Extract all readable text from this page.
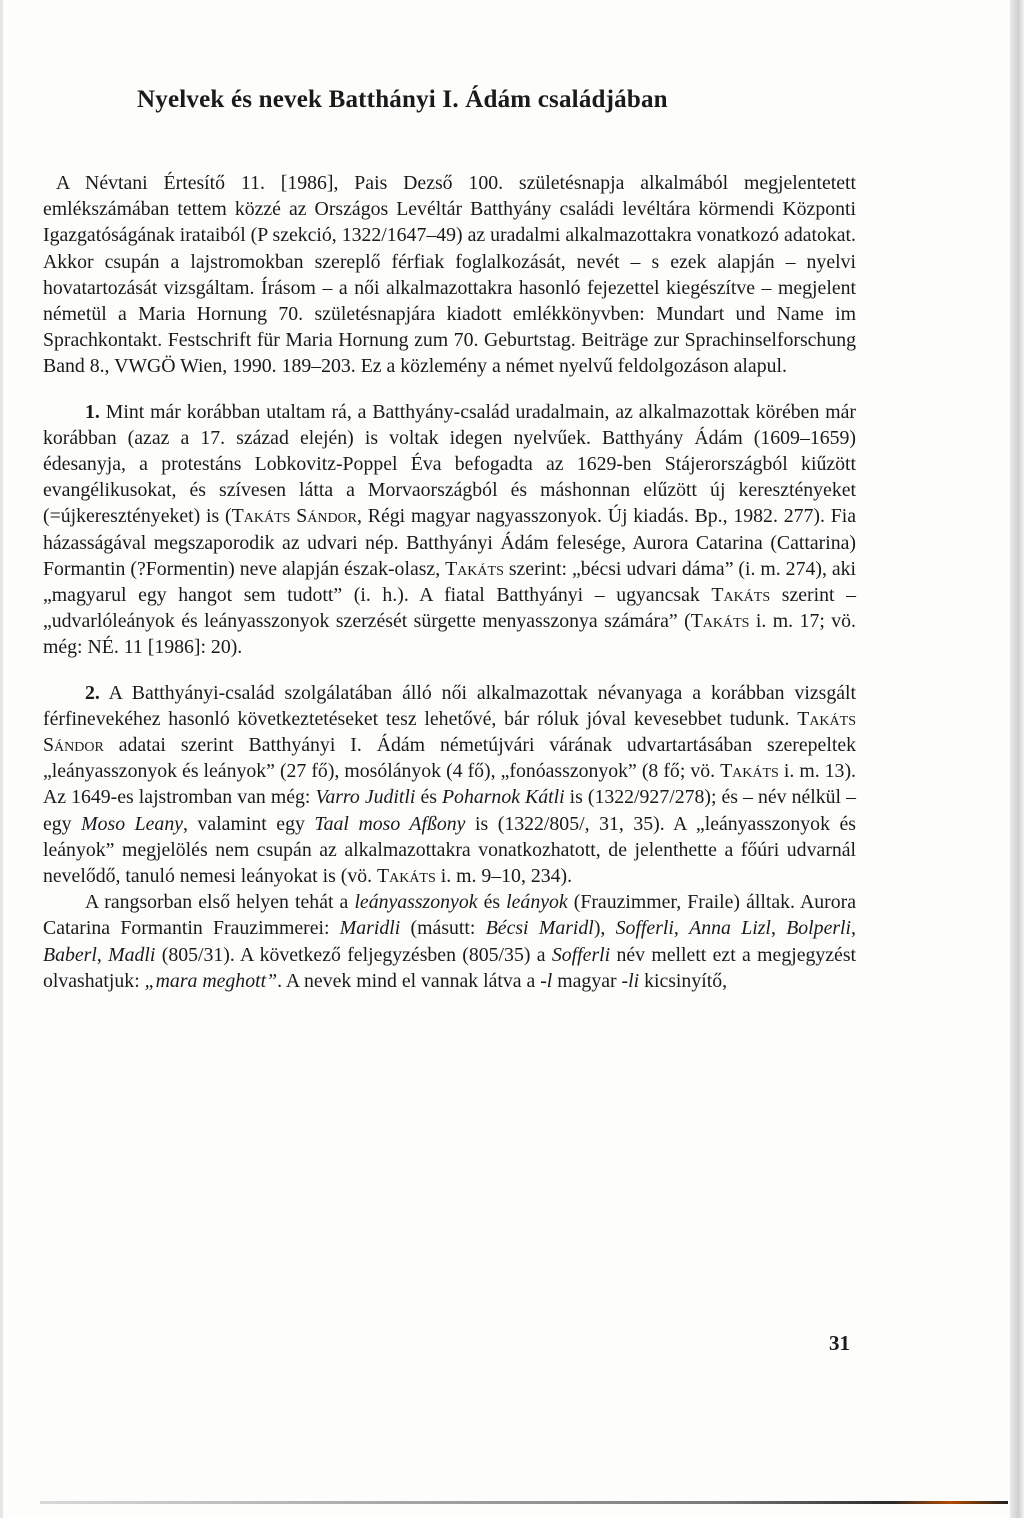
Nyelvek és nevek Batthányi I. Ádám családjában

A Névtani Értesítő 11. [1986], Pais Dezső 100. születésnapja alkalmából megjelentetett emlékszámában tettem közzé az Országos Levéltár Batthyány családi levéltára körmendi Központi Igazgatóságának irataiból (P szekció, 1322/1647–49) az uradalmi alkalmazottakra vonatkozó adatokat. Akkor csupán a lajstromokban szereplő férfiak foglalkozását, nevét – s ezek alapján – nyelvi hovatartozását vizsgáltam. Írásom – a női alkalmazottakra hasonló fejezettel kiegészítve – megjelent németül a Maria Hornung 70. születésnapjára kiadott emlékkönyvben: Mundart und Name im Sprachkontakt. Festschrift für Maria Hornung zum 70. Geburtstag. Beiträge zur Sprachinselforschung Band 8., VWGÖ Wien, 1990. 189–203. Ez a közlemény a német nyelvű feldolgozáson alapul.

1. Mint már korábban utaltam rá, a Batthyány-család uradalmain, az alkalmazottak körében már korábban (azaz a 17. század elején) is voltak idegen nyelvűek. Batthyány Ádám (1609–1659) édesanyja, a protestáns Lobkovitz-Poppel Éva befogadta az 1629-ben Stájerországból kiűzött evangélikusokat, és szívesen látta a Morvaországból és máshonnan elűzött új keresztényeket (=újkeresztényeket) is (Takáts Sándor, Régi magyar nagyasszonyok. Új kiadás. Bp., 1982. 277). Fia házasságával megszaporodik az udvari nép. Batthyányi Ádám felesége, Aurora Catarina (Cattarina) Formantin (?Formentin) neve alapján észak-olasz, Takáts szerint: „bécsi udvari dáma” (i. m. 274), aki „magyarul egy hangot sem tudott” (i. h.). A fiatal Batthyányi – ugyancsak Takáts szerint – „udvarlóleányok és leányasszonyok szerzését sürgette menyasszonya számára” (Takáts i. m. 17; vö. még: NÉ. 11 [1986]: 20).

2. A Batthyányi-család szolgálatában álló női alkalmazottak névanyaga a korábban vizsgált férfinevekéhez hasonló következtetéseket tesz lehetővé, bár róluk jóval kevesebbet tudunk. Takáts Sándor adatai szerint Batthyányi I. Ádám németújvári várának udvartartásában szerepeltek „leányasszonyok és leányok” (27 fő), mosólányok (4 fő), „fonóasszonyok” (8 fő; vö. Takáts i. m. 13). Az 1649-es lajstromban van még: Varro Juditli és Poharnok Kátli is (1322/927/278); és – név nélkül – egy Moso Leany, valamint egy Taal moso Afßony is (1322/805/, 31, 35). A „leányasszonyok és leányok” megjelölés nem csupán az alkalmazottakra vonatkozhatott, de jelenthette a főúri udvarnál nevelődő, tanuló nemesi leányokat is (vö. Takáts i. m. 9–10, 234).

A rangsorban első helyen tehát a leányasszonyok és leányok (Frauzimmer, Fraile) álltak. Aurora Catarina Formantin Frauzimmerei: Maridli (másutt: Bécsi Maridl), Sofferli, Anna Lizl, Bolperli, Baberl, Madli (805/31). A következő feljegyzésben (805/35) a Sofferli név mellett ezt a megjegyzést olvashatjuk: „mara meghott”. A nevek mind el vannak látva a -l magyar -li kicsinyítő,

31
